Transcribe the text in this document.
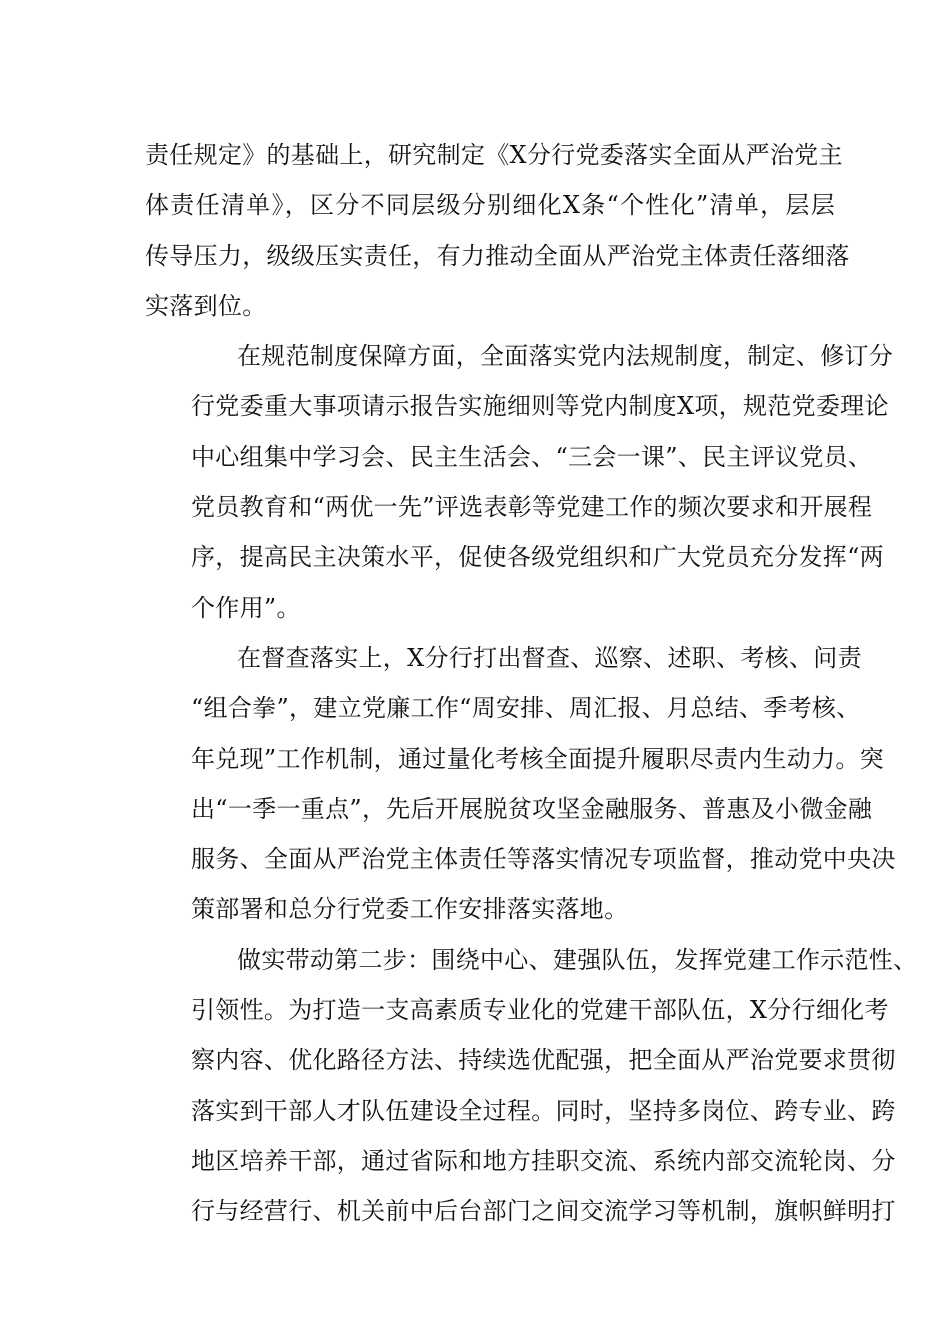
责任规定》的基础上，研究制定《X分行党委落实全面从严治党主
体责任清单》，区分不同层级分别细化X条“个性化”清单，层层
传导压力，级级压实责任，有力推动全面从严治党主体责任落细落
实落到位。

在规范制度保障方面，全面落实党内法规制度，制定、修订分
行党委重大事项请示报告实施细则等党内制度X项，规范党委理论
中心组集中学习会、民主生活会、“三会一课”、民主评议党员、
党员教育和“两优一先”评选表彰等党建工作的频次要求和开展程
序，提高民主决策水平，促使各级党组织和广大党员充分发挥“两
个作用”。

在督查落实上，X分行打出督查、巡察、述职、考核、问责
“组合拳”，建立党廉工作“周安排、周汇报、月总结、季考核、
年兑现”工作机制，通过量化考核全面提升履职尽责内生动力。突
出“一季一重点”，先后开展脱贫攻坚金融服务、普惠及小微金融
服务、全面从严治党主体责任等落实情况专项监督，推动党中央决
策部署和总分行党委工作安排落实落地。

做实带动第二步：围绕中心、建强队伍，发挥党建工作示范性、
引领性。为打造一支高素质专业化的党建干部队伍，X分行细化考
察内容、优化路径方法、持续选优配强，把全面从严治党要求贯彻
落实到干部人才队伍建设全过程。同时，坚持多岗位、跨专业、跨
地区培养干部，通过省际和地方挂职交流、系统内部交流轮岗、分
行与经营行、机关前中后台部门之间交流学习等机制，旗帜鲜明打
